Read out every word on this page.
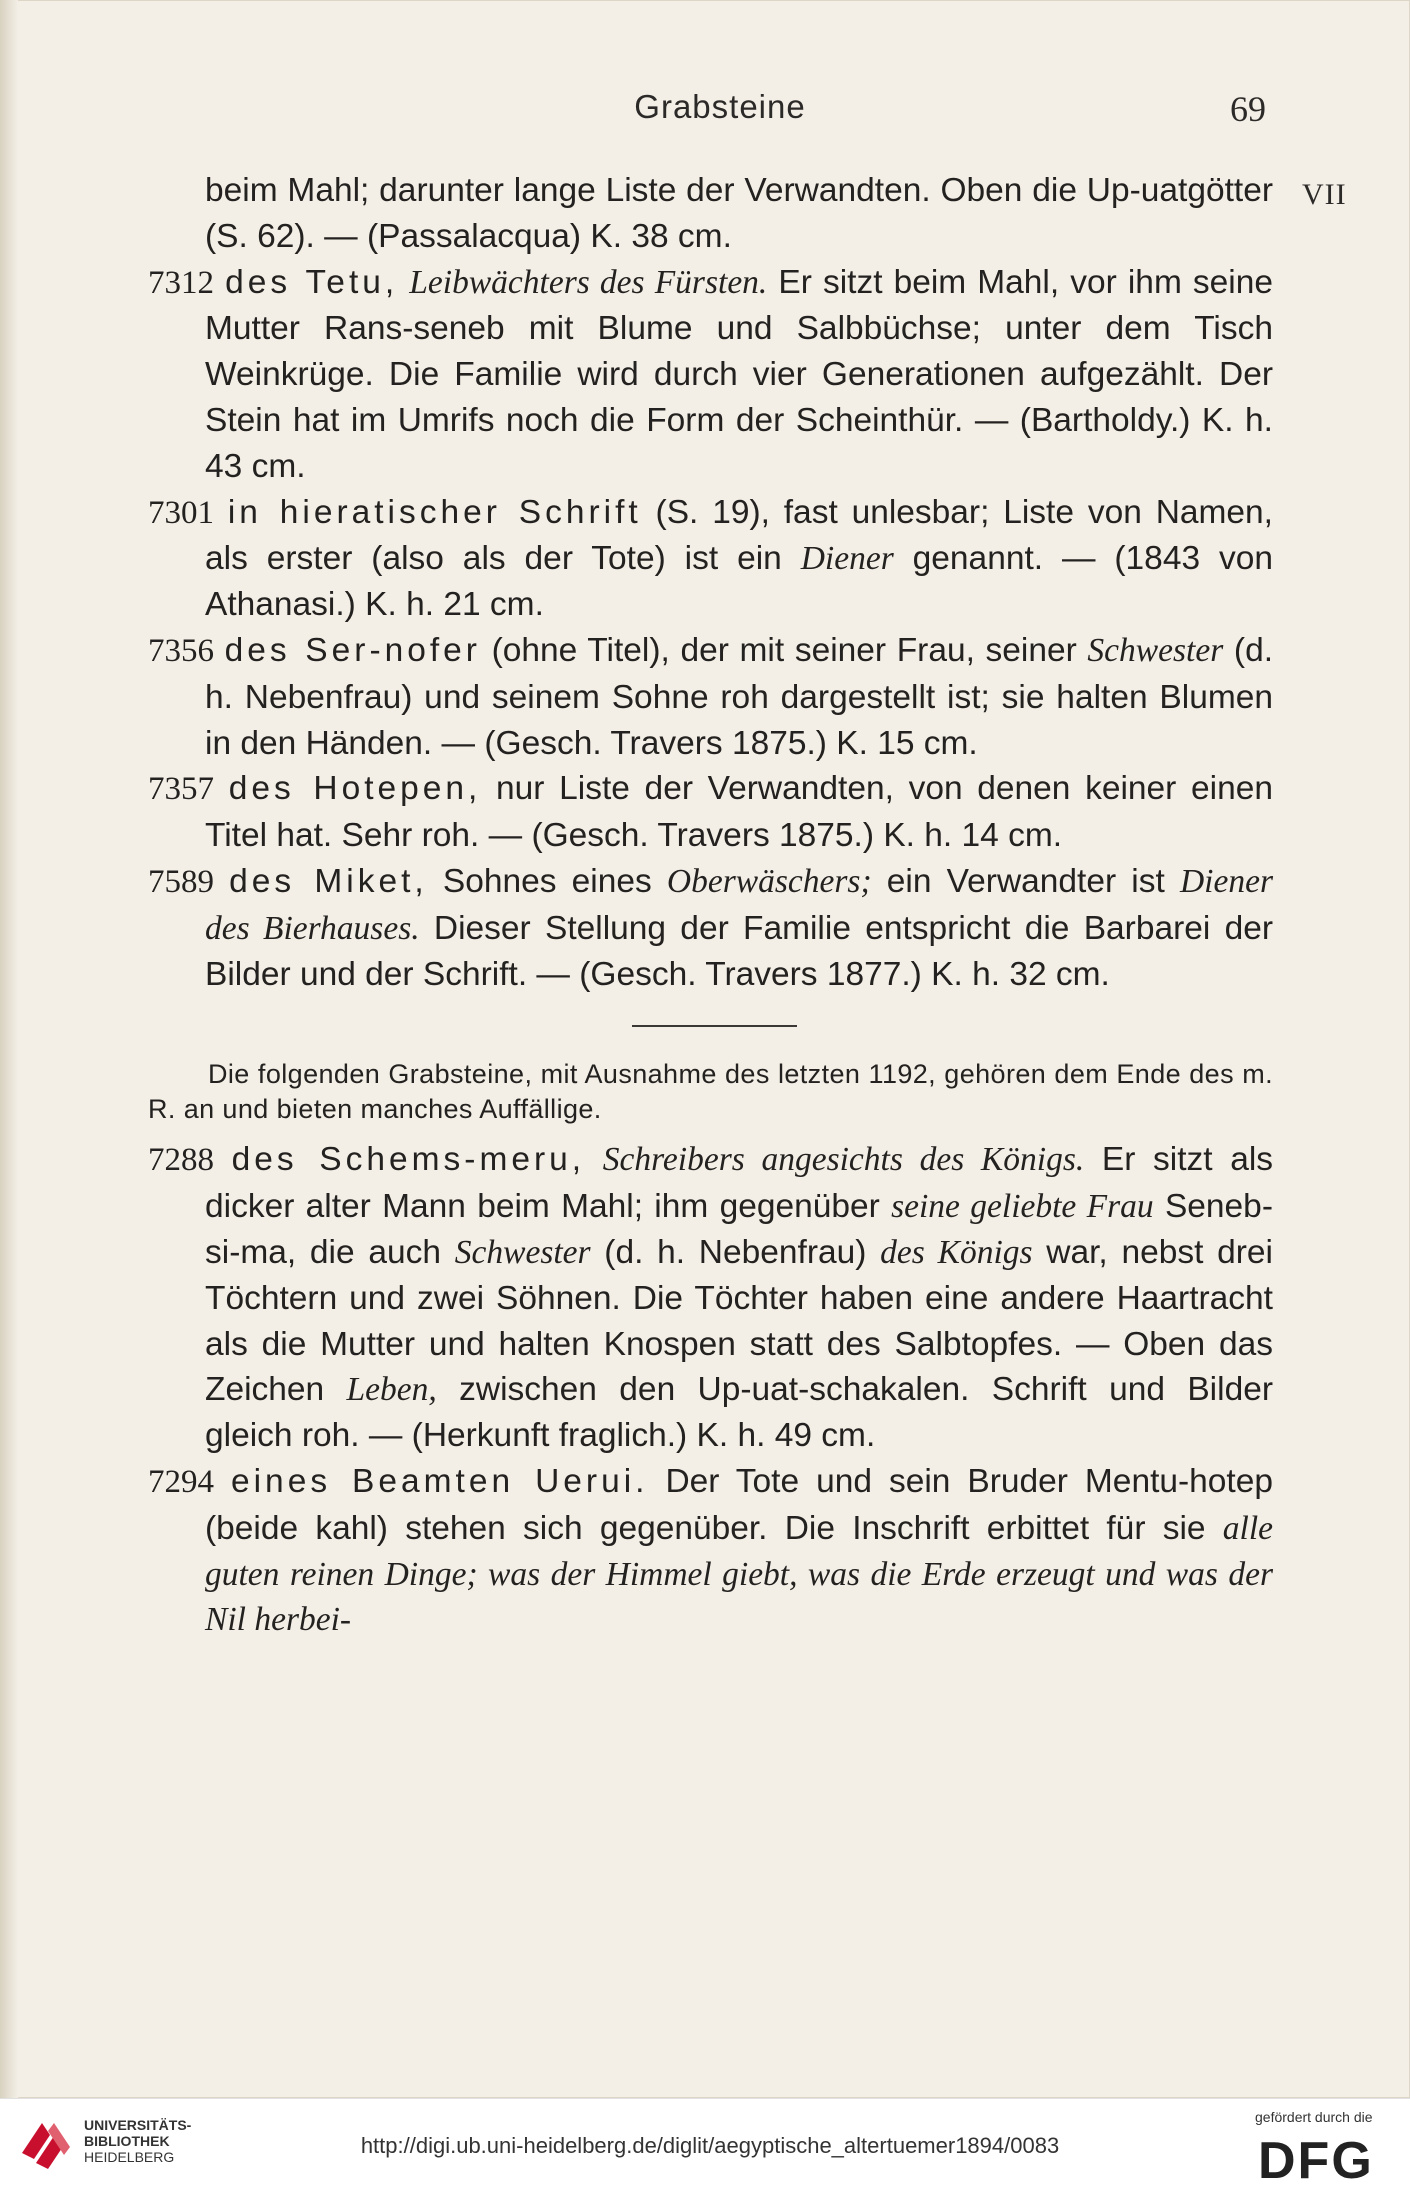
Grabsteine	69
VII

beim Mahl; darunter lange Liste der Verwandten. Oben die Up-uatgötter (S. 62). — (Passalacqua) K. 38 cm.

7312 des Tetu, Leibwächters des Fürsten. Er sitzt beim Mahl, vor ihm seine Mutter Rans-seneb mit Blume und Salbbüchse; unter dem Tisch Weinkrüge. Die Familie wird durch vier Generationen aufgezählt. Der Stein hat im Umrifs noch die Form der Scheinthür. — (Bartholdy.) K. h. 43 cm.

7301 in hieratischer Schrift (S. 19), fast unlesbar; Liste von Namen, als erster (also als der Tote) ist ein Diener genannt. — (1843 von Athanasi.) K. h. 21 cm.

7356 des Ser-nofer (ohne Titel), der mit seiner Frau, seiner Schwester (d. h. Nebenfrau) und seinem Sohne roh dargestellt ist; sie halten Blumen in den Händen. — (Gesch. Travers 1875.) K. 15 cm.

7357 des Hotepen, nur Liste der Verwandten, von denen keiner einen Titel hat. Sehr roh. — (Gesch. Travers 1875.) K. h. 14 cm.

7589 des Miket, Sohnes eines Oberwäschers; ein Verwandter ist Diener des Bierhauses. Dieser Stellung der Familie entspricht die Barbarei der Bilder und der Schrift. — (Gesch. Travers 1877.) K. h. 32 cm.

Die folgenden Grabsteine, mit Ausnahme des letzten 1192, gehören dem Ende des m. R. an und bieten manches Auffällige.

7288 des Schems-meru, Schreibers angesichts des Königs. Er sitzt als dicker alter Mann beim Mahl; ihm gegenüber seine geliebte Frau Seneb-si-ma, die auch Schwester (d. h. Nebenfrau) des Königs war, nebst drei Töchtern und zwei Söhnen. Die Töchter haben eine andere Haartracht als die Mutter und halten Knospen statt des Salbtopfes. — Oben das Zeichen Leben, zwischen den Up-uat-schakalen. Schrift und Bilder gleich roh. — (Herkunft fraglich.) K. h. 49 cm.

7294 eines Beamten Uerui. Der Tote und sein Bruder Mentu-hotep (beide kahl) stehen sich gegenüber. Die Inschrift erbittet für sie alle guten reinen Dinge; was der Himmel giebt, was die Erde erzeugt und was der Nil herbei-

UNIVERSITÄTS-
BIBLIOTHEK
HEIDELBERG	http://digi.ub.uni-heidelberg.de/diglit/aegyptische_altertuemer1894/0083
gefördert durch die
DFG
